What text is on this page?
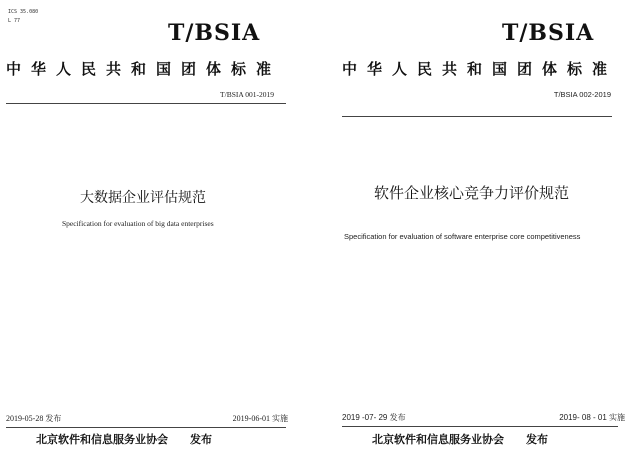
ICS 35.080
L 77	T/BSIA
中华人民共和国团体标准
T/BSIA 001-2019
大数据企业评估规范
Specification for evaluation of big data enterprises
2019-05-28 发布	2019-06-01 实施
北京软件和信息服务业协会 发布
T/BSIA
中华人民共和国团体标准
T/BSIA 002-2019
软件企业核心竞争力评价规范
Specification for evaluation of software enterprise core competitiveness
2019 -07- 29 发布	2019- 08 - 01 实施
北京软件和信息服务业协会 发布
